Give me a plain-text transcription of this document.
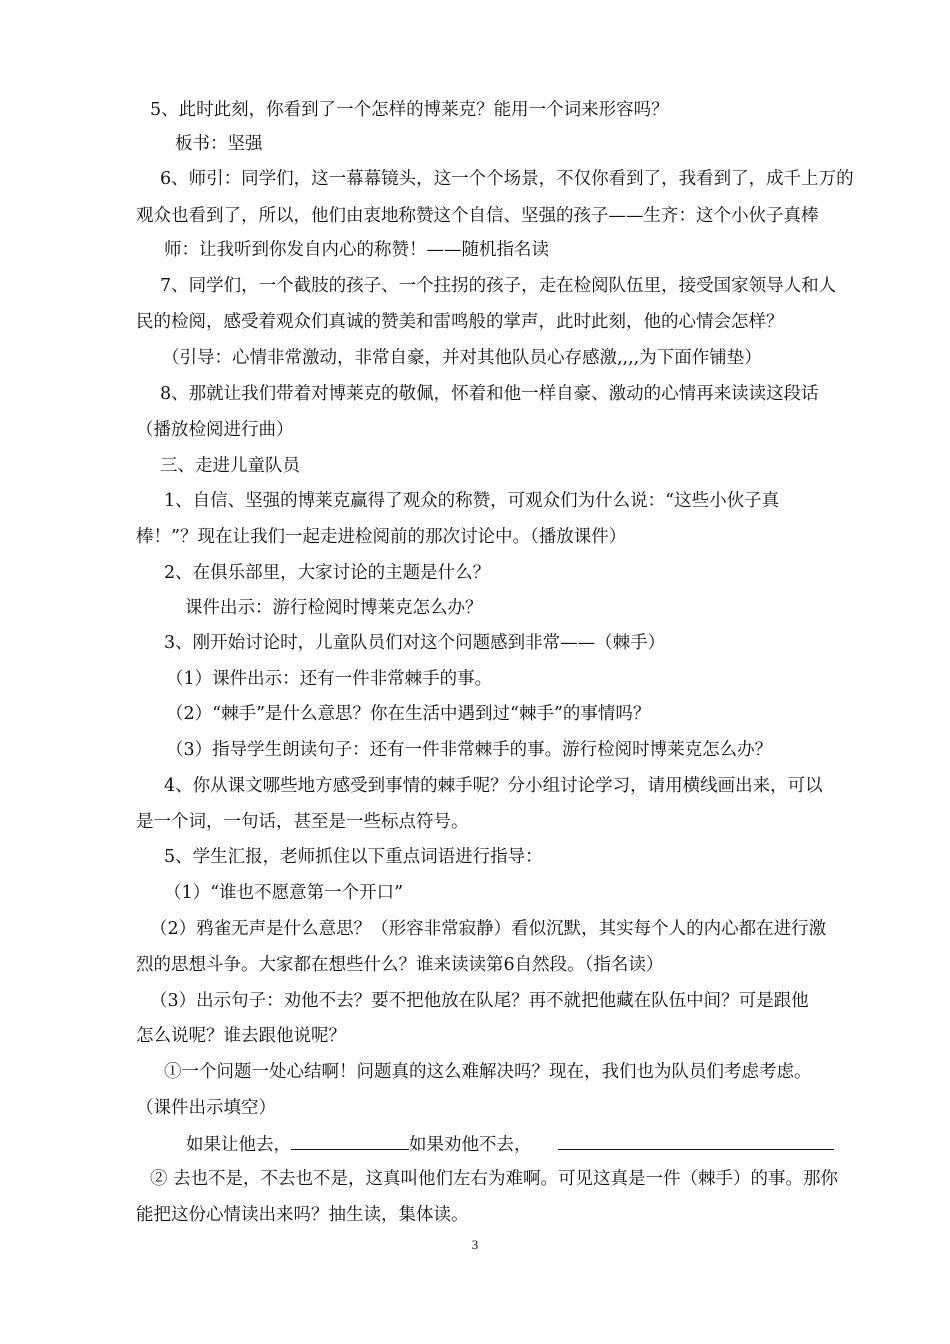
5、此时此刻，你看到了一个怎样的博莱克？能用一个词来形容吗？
板书：坚强
6、师引：同学们，这一幕幕镜头，这一个个场景，不仅你看到了，我看到了，成千上万的
观众也看到了，所以，他们由衷地称赞这个自信、坚强的孩子——生齐：这个小伙子真棒
师：让我听到你发自内心的称赞！——随机指名读
7、同学们，一个截肢的孩子、一个拄拐的孩子，走在检阅队伍里，接受国家领导人和人
民的检阅，感受着观众们真诚的赞美和雷鸣般的掌声，此时此刻，他的心情会怎样？
（引导：心情非常激动，非常自豪，并对其他队员心存感激,,,,为下面作铺垫）
8、那就让我们带着对博莱克的敬佩，怀着和他一样自豪、激动的心情再来读读这段话
（播放检阅进行曲）
三、走进儿童队员
1、自信、坚强的博莱克赢得了观众的称赞，可观众们为什么说：“这些小伙子真
棒！”？现在让我们一起走进检阅前的那次讨论中。（播放课件）
2、在俱乐部里，大家讨论的主题是什么？
课件出示：游行检阅时博莱克怎么办？
3、刚开始讨论时，儿童队员们对这个问题感到非常——（棘手）
（1）课件出示：还有一件非常棘手的事。
（2）“棘手”是什么意思？你在生活中遇到过“棘手”的事情吗？
（3）指导学生朗读句子：还有一件非常棘手的事。游行检阅时博莱克怎么办？
4、你从课文哪些地方感受到事情的棘手呢？分小组讨论学习，请用横线画出来，可以
是一个词，一句话，甚至是一些标点符号。
5、学生汇报，老师抓住以下重点词语进行指导：
（1）“谁也不愿意第一个开口”
（2）鸦雀无声是什么意思？（形容非常寂静）看似沉默，其实每个人的内心都在进行激
烈的思想斗争。大家都在想些什么？谁来读读第6自然段。（指名读）
（3）出示句子：劝他不去？要不把他放在队尾？再不就把他藏在队伍中间？可是跟他
怎么说呢？谁去跟他说呢？
①一个问题一处心结啊！问题真的这么难解决吗？现在，我们也为队员们考虑考虑。
（课件出示填空）
如果让他去，	如果劝他不去，
② 去也不是，不去也不是，这真叫他们左右为难啊。可见这真是一件（棘手）的事。那你
能把这份心情读出来吗？抽生读，集体读。
3
